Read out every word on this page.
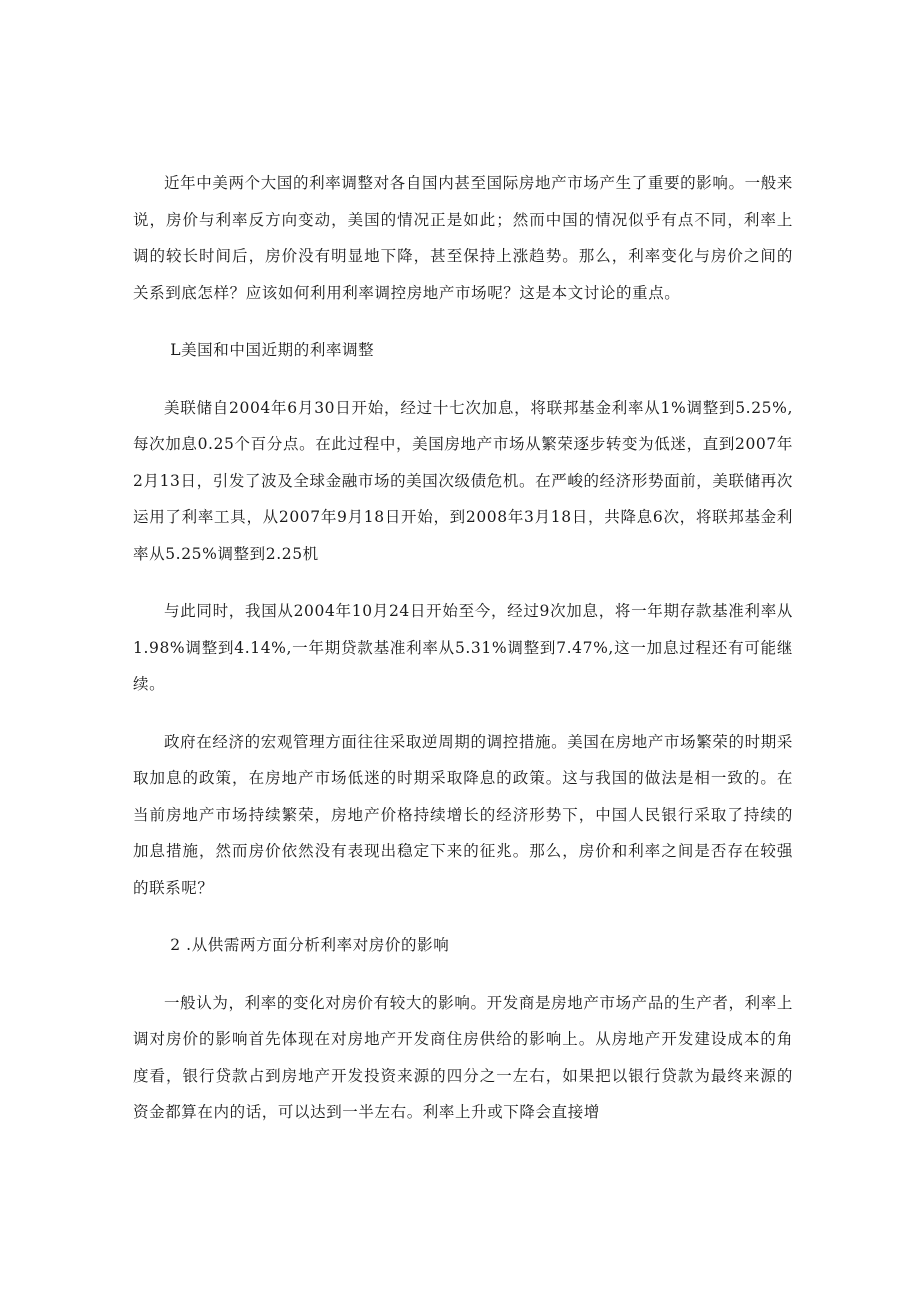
近年中美两个大国的利率调整对各自国内甚至国际房地产市场产生了重要的影响。一般来说，房价与利率反方向变动，美国的情况正是如此；然而中国的情况似乎有点不同，利率上调的较长时间后，房价没有明显地下降，甚至保持上涨趋势。那么，利率变化与房价之间的关系到底怎样？应该如何利用利率调控房地产市场呢？这是本文讨论的重点。

L美国和中国近期的利率调整

美联储自2004年6月30日开始，经过十七次加息，将联邦基金利率从1%调整到5.25%,每次加息0.25个百分点。在此过程中，美国房地产市场从繁荣逐步转变为低迷，直到2007年2月13日，引发了波及全球金融市场的美国次级债危机。在严峻的经济形势面前，美联储再次运用了利率工具，从2007年9月18日开始，到2008年3月18日，共降息6次，将联邦基金利率从5.25%调整到2.25机

与此同时，我国从2004年10月24日开始至今，经过9次加息，将一年期存款基准利率从1.98%调整到4.14%,一年期贷款基准利率从5.31%调整到7.47%,这一加息过程还有可能继续。

政府在经济的宏观管理方面往往采取逆周期的调控措施。美国在房地产市场繁荣的时期采取加息的政策，在房地产市场低迷的时期采取降息的政策。这与我国的做法是相一致的。在当前房地产市场持续繁荣，房地产价格持续增长的经济形势下，中国人民银行采取了持续的加息措施，然而房价依然没有表现出稳定下来的征兆。那么，房价和利率之间是否存在较强的联系呢？

2 .从供需两方面分析利率对房价的影响

一般认为，利率的变化对房价有较大的影响。开发商是房地产市场产品的生产者，利率上调对房价的影响首先体现在对房地产开发商住房供给的影响上。从房地产开发建设成本的角度看，银行贷款占到房地产开发投资来源的四分之一左右，如果把以银行贷款为最终来源的资金都算在内的话，可以达到一半左右。利率上升或下降会直接增
